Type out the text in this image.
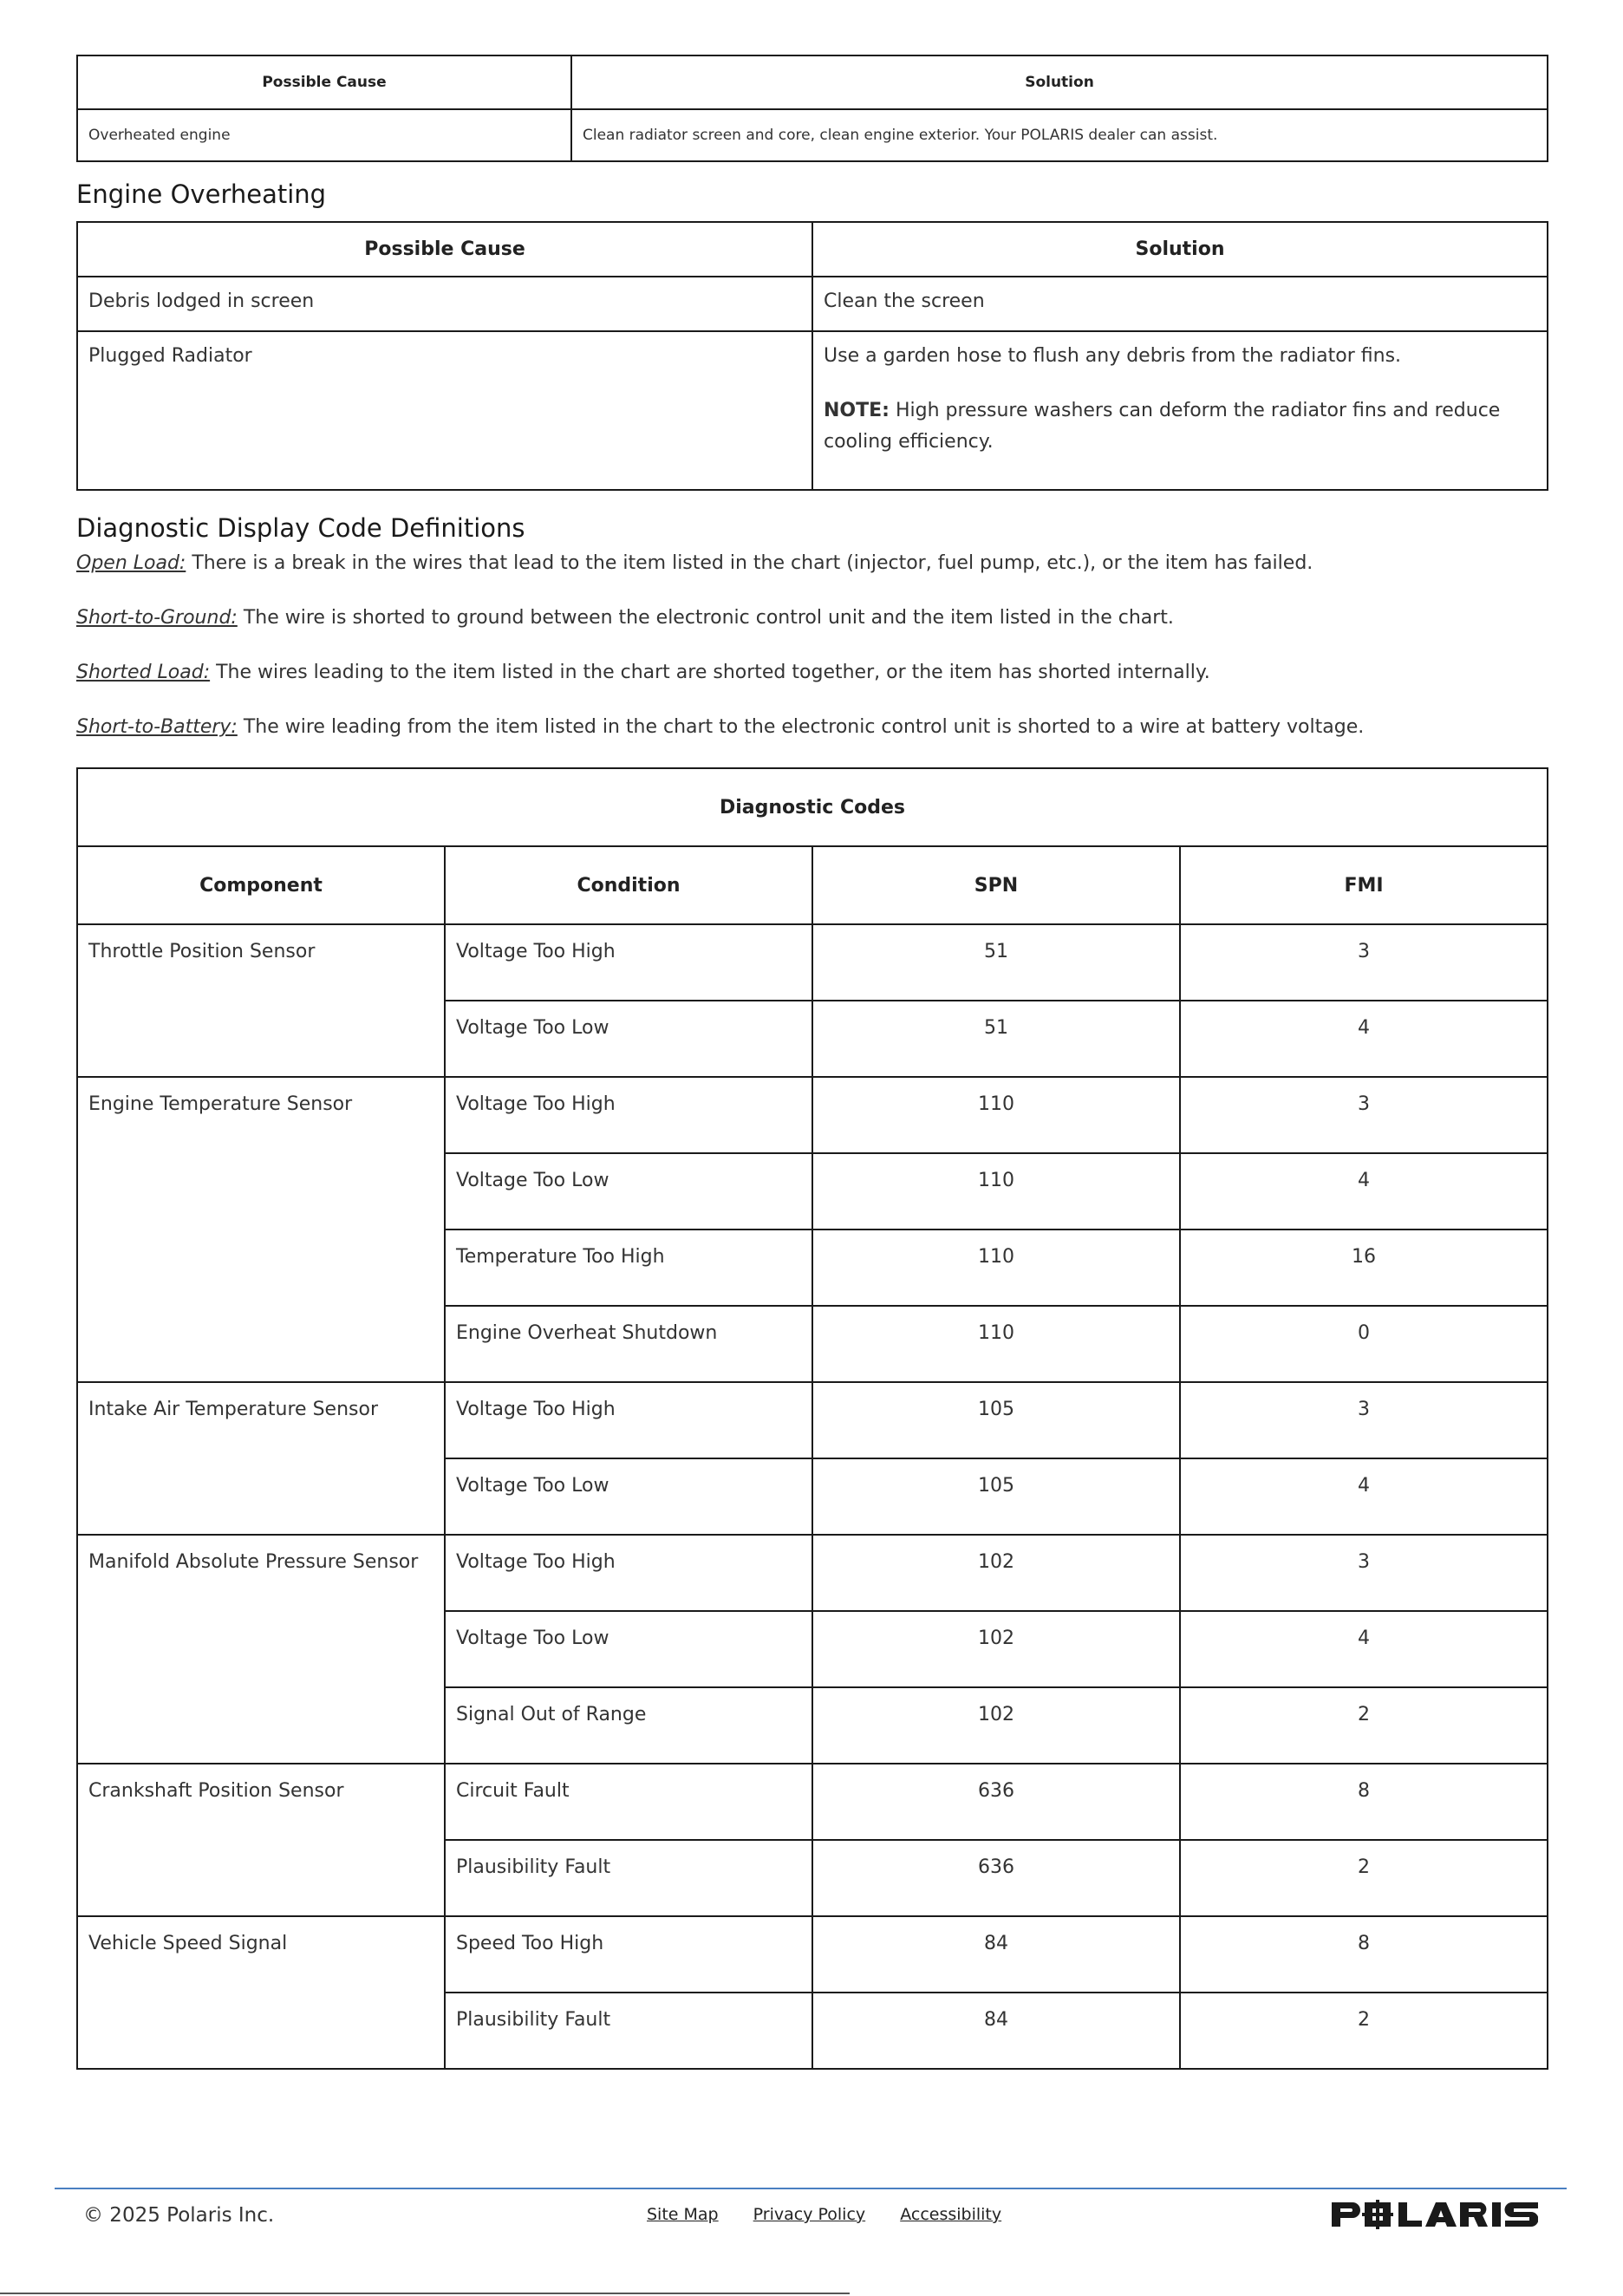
Possible Cause	Solution
Overheated engine	Clean radiator screen and core, clean engine exterior. Your POLARIS dealer can assist.
Engine Overheating
Possible Cause	Solution
Debris lodged in screen	Clean the screen
Plugged Radiator	Use a garden hose to flush any debris from the radiator fins.

NOTE: High pressure washers can deform the radiator fins and reduce cooling efficiency.

Diagnostic Display Code Definitions

Open Load: There is a break in the wires that lead to the item listed in the chart (injector, fuel pump, etc.), or the item has failed.

Short-to-Ground: The wire is shorted to ground between the electronic control unit and the item listed in the chart.

Shorted Load: The wires leading to the item listed in the chart are shorted together, or the item has shorted internally.

Short-to-Battery: The wire leading from the item listed in the chart to the electronic control unit is shorted to a wire at battery voltage.

Diagnostic Codes			
Component	Condition	SPN	FMI
Throttle Position Sensor	Voltage Too High	51	3
	Voltage Too Low	51	4
Engine Temperature Sensor	Voltage Too High	110	3
	Voltage Too Low	110	4
	Temperature Too High	110	16
	Engine Overheat Shutdown	110	0
Intake Air Temperature Sensor	Voltage Too High	105	3
	Voltage Too Low	105	4
Manifold Absolute Pressure Sensor	Voltage Too High	102	3
	Voltage Too Low	102	4
	Signal Out of Range	102	2
Crankshaft Position Sensor	Circuit Fault	636	8
	Plausibility Fault	636	2
Vehicle Speed Signal	Speed Too High	84	8
	Plausibility Fault	84	2
© 2025 Polaris Inc.	Site Map Privacy Policy Accessibility
